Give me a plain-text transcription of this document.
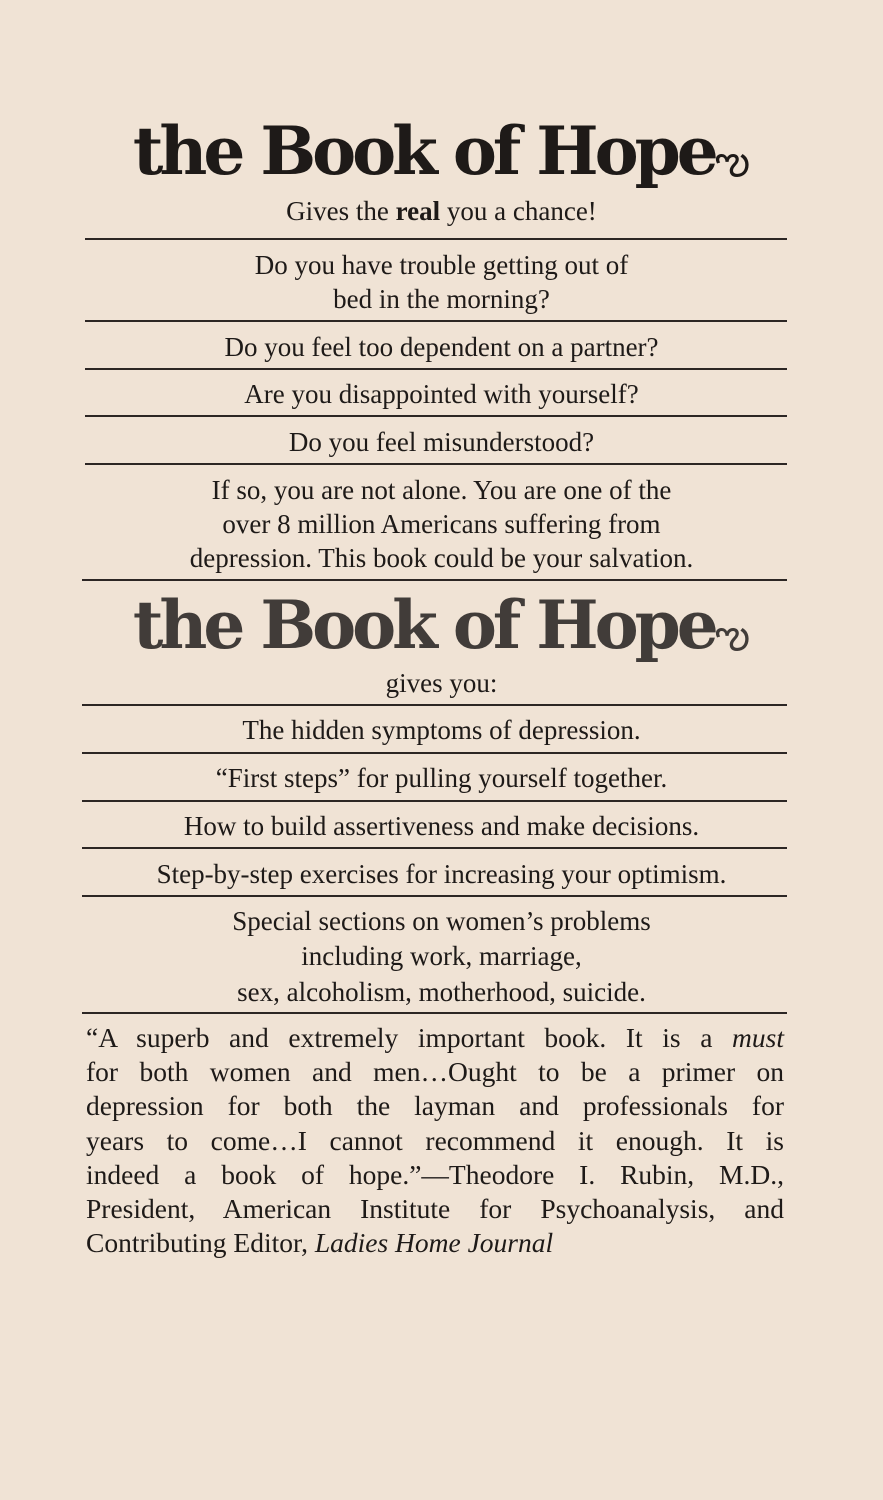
the Book of Hopeఌ
Gives the real you a chance!
Do you have trouble getting out of
bed in the morning?
Do you feel too dependent on a partner?
Are you disappointed with yourself?
Do you feel misunderstood?
If so, you are not alone. You are one of the
over 8 million Americans suffering from
depression. This book could be your salvation.
the Book of Hopeఌ
gives you:
The hidden symptoms of depression.
“First steps” for pulling yourself together.
How to build assertiveness and make decisions.
Step-by-step exercises for increasing your optimism.
Special sections on women’s problems
including work, marriage,
sex, alcoholism, motherhood, suicide.
“A superb and extremely important book. It is a must
for both women and men…Ought to be a primer on
depression for both the layman and professionals for
years to come…I cannot recommend it enough. It is
indeed a book of hope.”—Theodore I. Rubin, M.D.,
President, American Institute for Psychoanalysis, and
Contributing Editor, Ladies Home Journal
